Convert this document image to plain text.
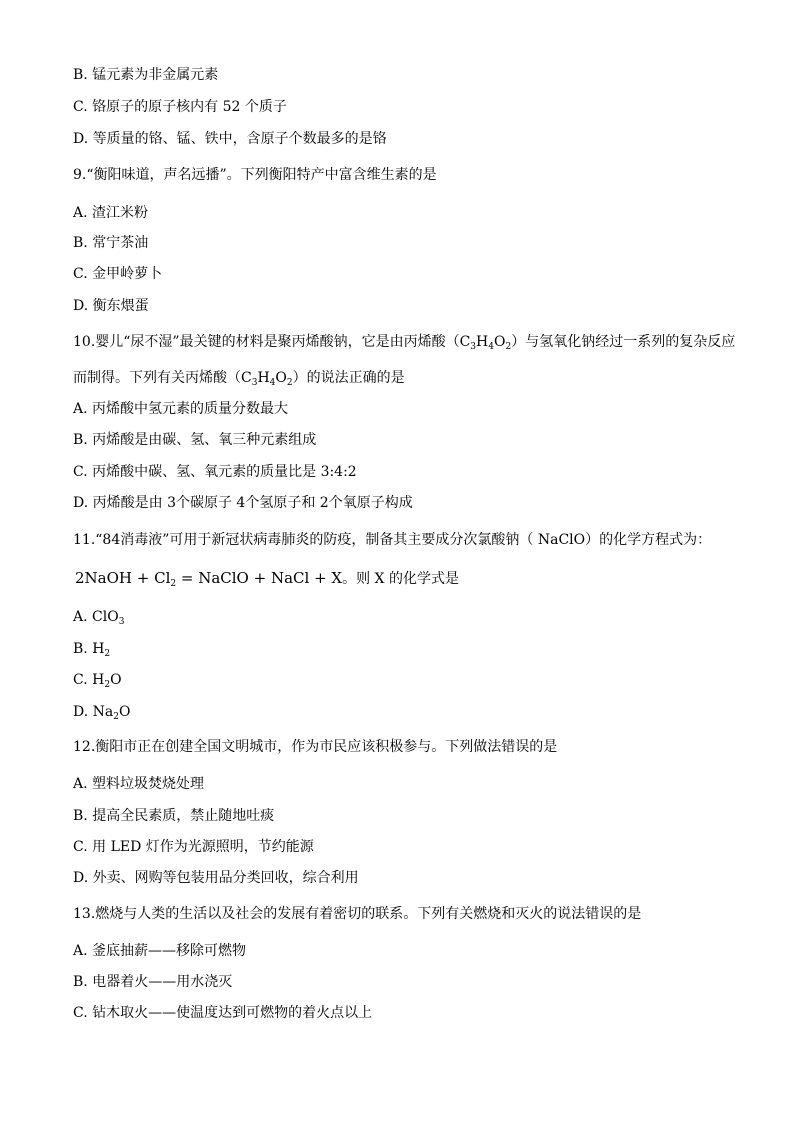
B. 锰元素为非金属元素
C. 铬原子的原子核内有 52 个质子
D. 等质量的铬、锰、铁中，含原子个数最多的是铬
9.“衡阳味道，声名远播”。下列衡阳特产中富含维生素的是
A. 渣江米粉
B. 常宁茶油
C. 金甲岭萝卜
D. 衡东煨蛋
10.婴儿“尿不湿”最关键的材料是聚丙烯酸钠，它是由丙烯酸$(C_3H_4O_2)$与氢氧化钠经过一系列的复杂反应
而制得。下列有关丙烯酸$(C_3H_4O_2)$的说法正确的是
A. 丙烯酸中氢元素的质量分数最大
B. 丙烯酸是由碳、氢、氧三种元素组成
C. 丙烯酸中碳、氢、氧元素的质量比是 3:4:2
D. 丙烯酸是由 3个碳原子 4个氢原子和 2个氧原子构成
11.“84消毒液”可用于新冠状病毒肺炎的防疫，制备其主要成分次氯酸钠（ NaClO）的化学方程式为：
2NaOH + $Cl_2$ = NaClO + NaCl + X。则 X 的化学式是
A. ClO$_3$
B. $H_2$
C. $H_2O$
D. $Na_2O$
12.衡阳市正在创建全国文明城市，作为市民应该积极参与。下列做法错误的是
A. 塑料垃圾焚烧处理
B. 提高全民素质，禁止随地吐痰
C. 用 LED 灯作为光源照明，节约能源
D. 外卖、网购等包装用品分类回收，综合利用
13.燃烧与人类的生活以及社会的发展有着密切的联系。下列有关燃烧和灭火的说法错误的是
A. 釜底抽薪——移除可燃物
B. 电器着火——用水浇灭
C. 钻木取火——使温度达到可燃物的着火点以上
